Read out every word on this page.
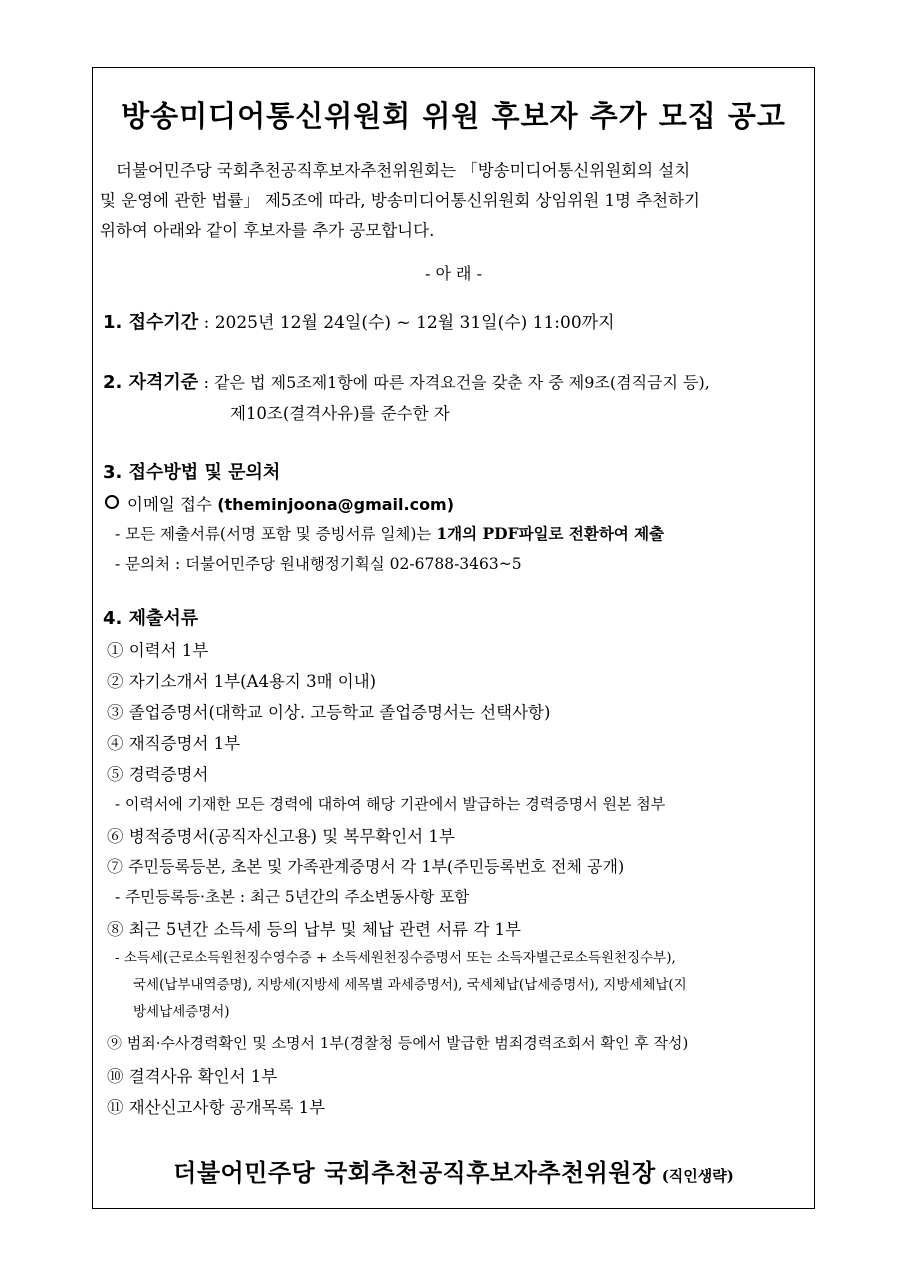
방송미디어통신위원회 위원 후보자 추가 모집 공고
더불어민주당 국회추천공직후보자추천위원회는 「방송미디어통신위원회의 설치
및 운영에 관한 법률」 제5조에 따라, 방송미디어통신위원회 상임위원 1명 추천하기
위하여 아래와 같이 후보자를 추가 공모합니다.
- 아 래 -
1. 접수기간 : 2025년 12월 24일(수) ~ 12월 31일(수) 11:00까지
2. 자격기준 : 같은 법 제5조제1항에 따른 자격요건을 갖춘 자 중 제9조(겸직금지 등),
제10조(결격사유)를 준수한 자
3. 접수방법 및 문의처
이메일 접수 (theminjoona@gmail.com)
- 모든 제출서류(서명 포함 및 증빙서류 일체)는 1개의 PDF파일로 전환하여 제출
- 문의처 : 더불어민주당 원내행정기획실 02-6788-3463~5
4. 제출서류
① 이력서 1부
② 자기소개서 1부(A4용지 3매 이내)
③ 졸업증명서(대학교 이상. 고등학교 졸업증명서는 선택사항)
④ 재직증명서 1부
⑤ 경력증명서
- 이력서에 기재한 모든 경력에 대하여 해당 기관에서 발급하는 경력증명서 원본 첨부
⑥ 병적증명서(공직자신고용) 및 복무확인서 1부
⑦ 주민등록등본, 초본 및 가족관계증명서 각 1부(주민등록번호 전체 공개)
- 주민등록등·초본 : 최근 5년간의 주소변동사항 포함
⑧ 최근 5년간 소득세 등의 납부 및 체납 관련 서류 각 1부
- 소득세(근로소득원천징수영수증 + 소득세원천징수증명서 또는 소득자별근로소득원천징수부),
국세(납부내역증명), 지방세(지방세 세목별 과세증명서), 국세체납(납세증명서), 지방세체납(지
방세납세증명서)
⑨ 범죄·수사경력확인 및 소명서 1부(경찰청 등에서 발급한 범죄경력조회서 확인 후 작성)
⑩ 결격사유 확인서 1부
⑪ 재산신고사항 공개목록 1부
더불어민주당 국회추천공직후보자추천위원장 (직인생략)
